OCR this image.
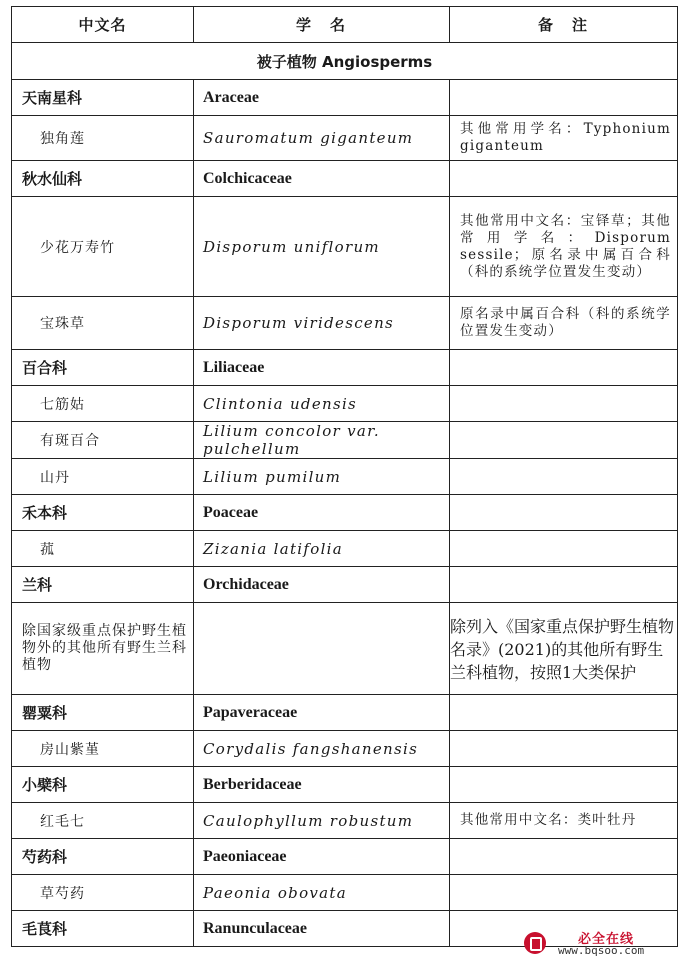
中文名	学　名	备　注
被子植物 Angiosperms		
天南星科	Araceae	
独角莲	Sauromatum giganteum	其他常用学名：Typhonium giganteum
秋水仙科	Colchicaceae	
少花万寿竹	Disporum uniflorum	其他常用中文名：宝铎草；其他常用学名：Disporum sessile；原名录中属百合科（科的系统学位置发生变动）
宝珠草	Disporum viridescens	原名录中属百合科（科的系统学位置发生变动）
百合科	Liliaceae	
七筋姑	Clintonia udensis	
有斑百合	Lilium concolor var. pulchellum	
山丹	Lilium pumilum	
禾本科	Poaceae	
菰	Zizania latifolia	
兰科	Orchidaceae	
除国家级重点保护野生植物外的其他所有野生兰科植物		除列入《国家重点保护野生植物名录》(2021)的其他所有野生兰科植物，按照1大类保护
罂粟科	Papaveraceae	
房山紫堇	Corydalis fangshanensis	
小檗科	Berberidaceae	
红毛七	Caulophyllum robustum	其他常用中文名：类叶牡丹
芍药科	Paeoniaceae	
草芍药	Paeonia obovata	
毛茛科	Ranunculaceae	
必全在线
www.bqsoo.com
